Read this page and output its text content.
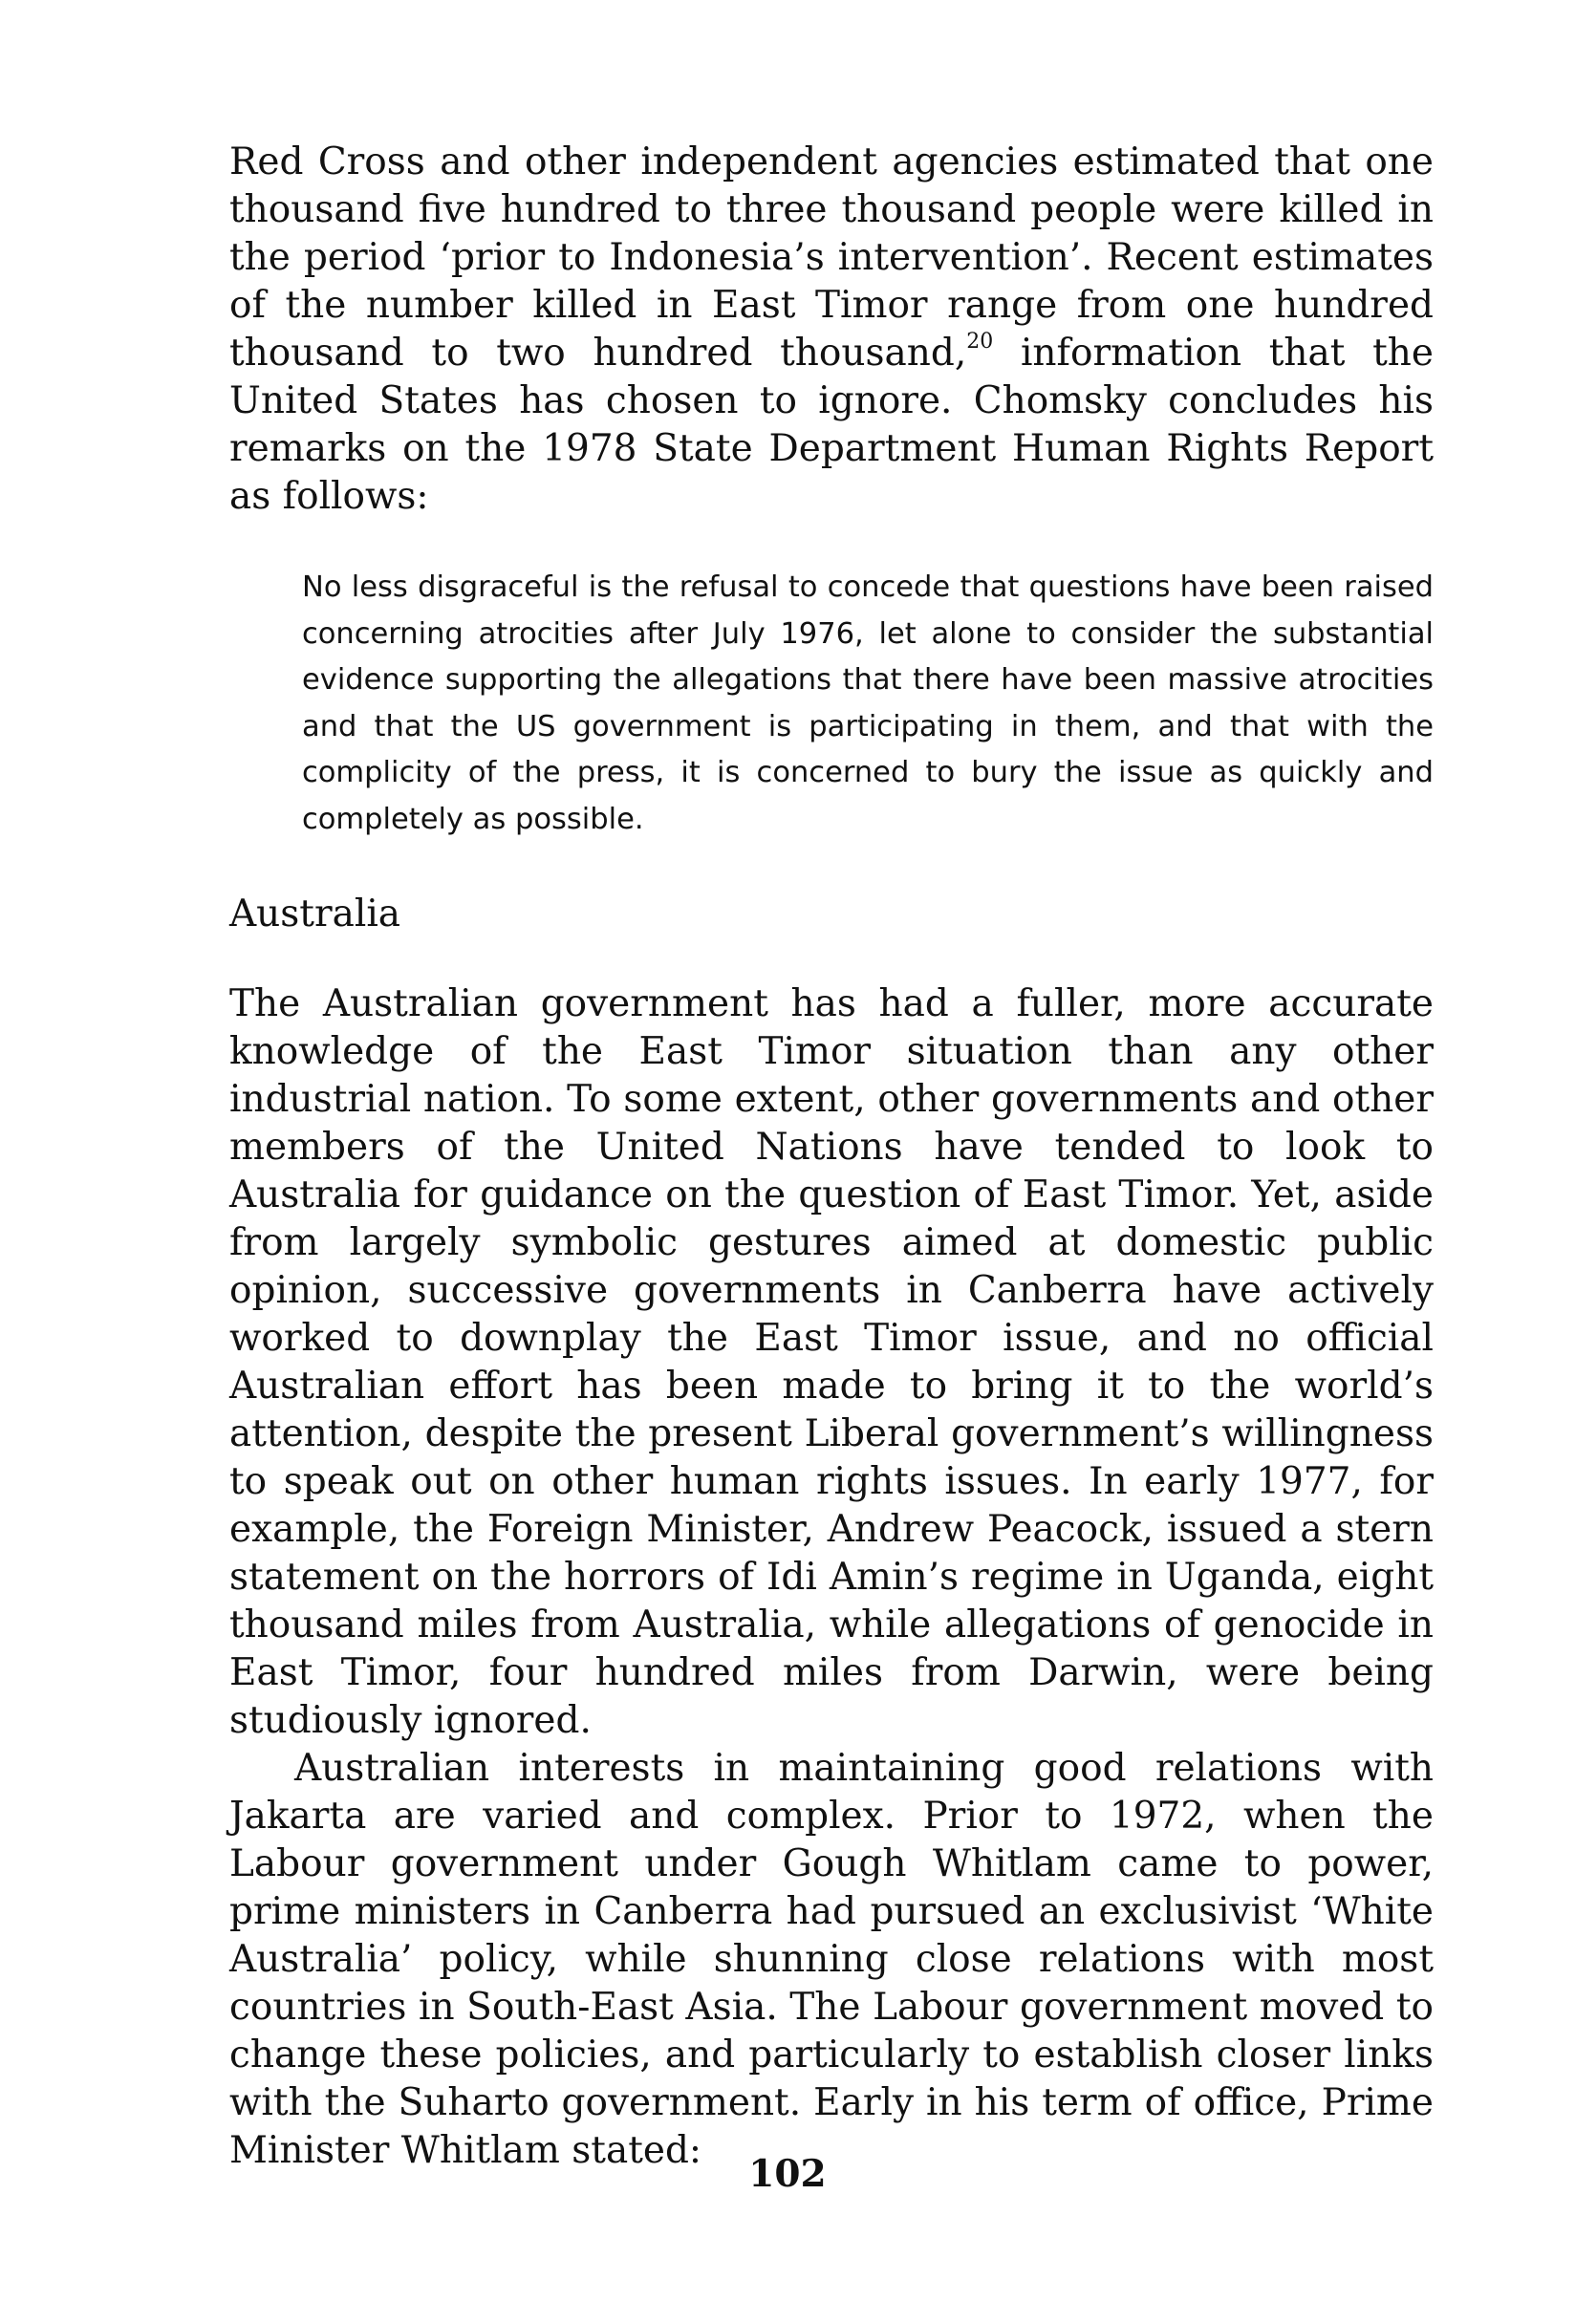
Red Cross and other independent agencies estimated that one thousand five hundred to three thousand people were killed in the period ‘prior to Indonesia’s intervention’. Recent estimates of the number killed in East Timor range from one hundred thousand to two hundred thousand,$^{20}$ information that the United States has chosen to ignore. Chomsky concludes his remarks on the 1978 State Department Human Rights Report as follows:

No less disgraceful is the refusal to concede that questions have been raised concerning atrocities after July 1976, let alone to consider the substantial evidence supporting the allegations that there have been massive atrocities and that the US government is participating in them, and that with the complicity of the press, it is concerned to bury the issue as quickly and completely as possible.

Australia

The Australian government has had a fuller, more accurate knowledge of the East Timor situation than any other industrial nation. To some extent, other governments and other members of the United Nations have tended to look to Australia for guidance on the question of East Timor. Yet, aside from largely symbolic gestures aimed at domestic public opinion, successive governments in Canberra have actively worked to downplay the East Timor issue, and no official Australian effort has been made to bring it to the world’s attention, despite the present Liberal government’s willingness to speak out on other human rights issues. In early 1977, for example, the Foreign Minister, Andrew Peacock, issued a stern statement on the horrors of Idi Amin’s regime in Uganda, eight thousand miles from Australia, while allegations of genocide in East Timor, four hundred miles from Darwin, were being studiously ignored.

Australian interests in maintaining good relations with Jakarta are varied and complex. Prior to 1972, when the Labour government under Gough Whitlam came to power, prime ministers in Canberra had pursued an exclusivist ‘White Australia’ policy, while shunning close relations with most countries in South-East Asia. The Labour government moved to change these policies, and particularly to establish closer links with the Suharto government. Early in his term of office, Prime Minister Whitlam stated:

102
